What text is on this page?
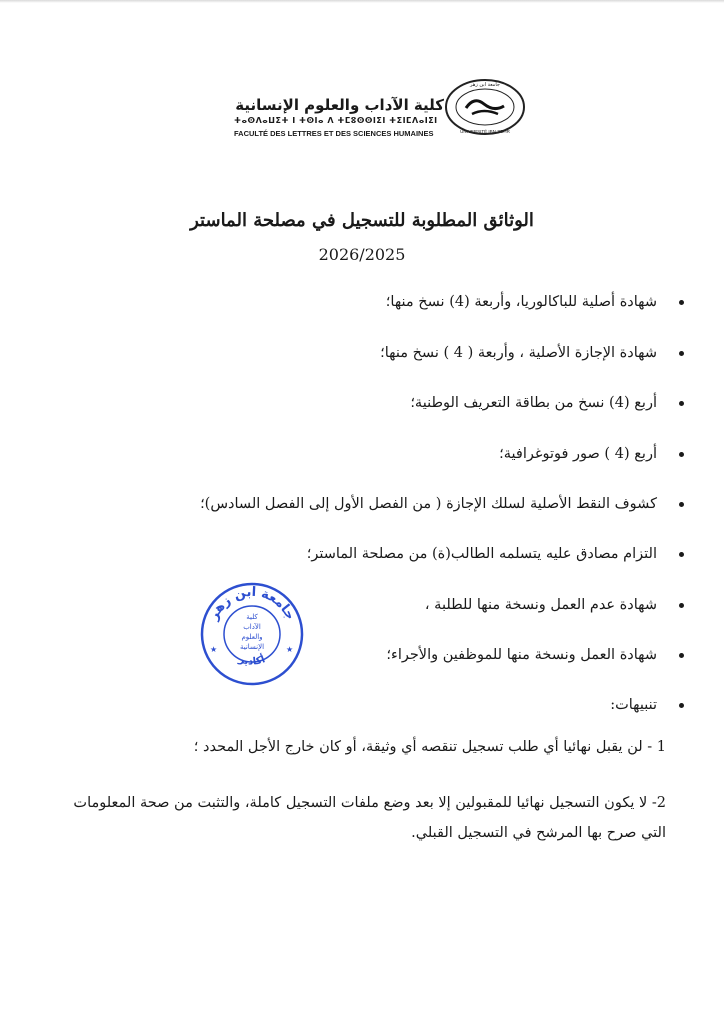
كلية الآداب والعلوم الإنسانية
ⵜⴰⵙⴷⴰⵡⵉⵜ ⵏ ⵜⵙⵏⴰ ⴷ ⵜⵎⵓⵙⵙⵏⵉⵏ ⵜⵉⵏⵎⴷⴰⵏⵉⵏ
FACULTÉ DES LETTRES ET DES SCIENCES HUMAINES
جامعة ابن زهر
UNIVERSITÉ IBN ZOHR
الوثائق المطلوبة للتسجيل في مصلحة الماستر
2026/2025
شهادة أصلية للباكالوريا، وأربعة (4) نسخ منها؛
شهادة الإجازة الأصلية ، وأربعة ( 4 ) نسخ منها؛
أربع (4) نسخ من بطاقة التعريف الوطنية؛
أربع (4 ) صور فوتوغرافية؛
كشوف النقط الأصلية لسلك الإجازة ( من الفصل الأول إلى الفصل السادس)؛
التزام مصادق عليه يتسلمه الطالب(ة) من مصلحة الماستر؛
شهادة عدم العمل ونسخة منها للطلبة ،
شهادة العمل ونسخة منها للموظفين والأجراء؛
تنبيهات:
1 - لن يقبل نهائيا أي طلب تسجيل تنقصه أي وثيقة، أو كان خارج الأجل المحدد ؛
2- لا يكون التسجيل نهائيا للمقبولين إلا بعد وضع ملفات التسجيل كاملة، والتثبت من صحة المعلومات التي صرح بها المرشح في التسجيل القبلي.
جامعة ابن زهر
أكادير
كلية
الآداب
والعلوم
الإنسانية
★	★
